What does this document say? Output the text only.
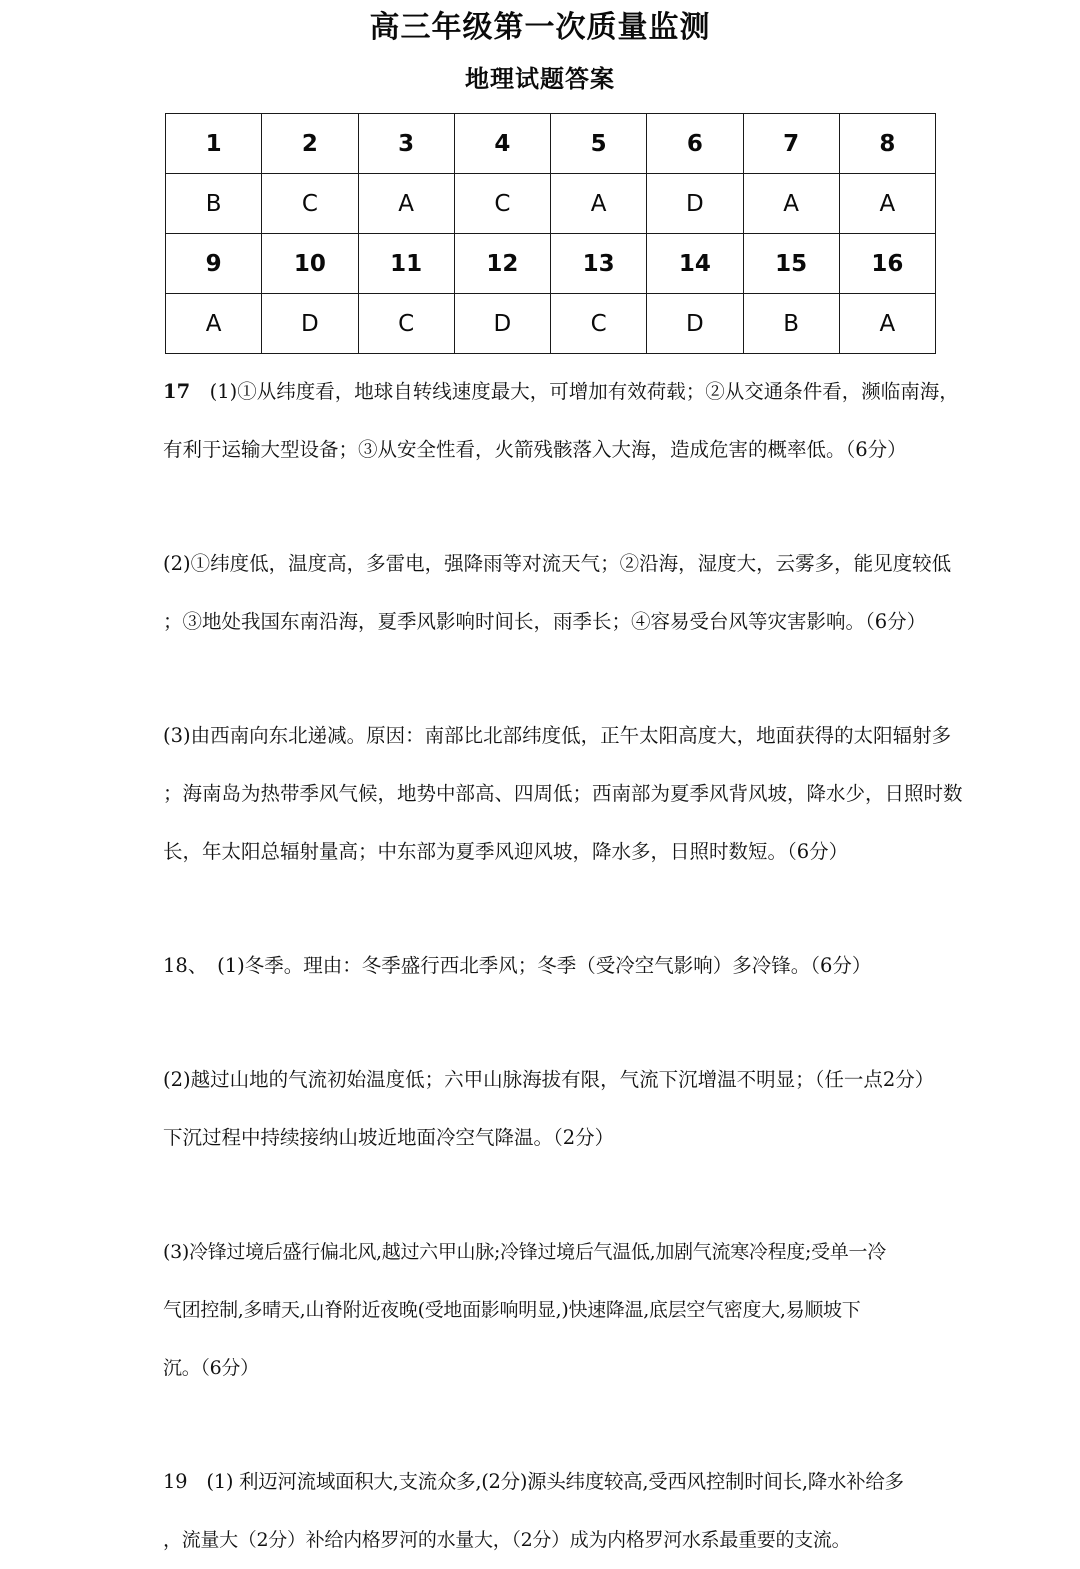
高三年级第一次质量监测
地理试题答案
1	2	3	4	5	6	7	8
B	C	A	C	A	D	A	A
9	10	11	12	13	14	15	16
A	D	C	D	C	D	B	A
17　 (1)①从纬度看，地球自转线速度最大，可增加有效荷载；②从交通条件看，濒临南海，
有利于运输大型设备；③从安全性看，火箭残骸落入大海，造成危害的概率低。（6分）
(2)①纬度低，温度高，多雷电，强降雨等对流天气；②沿海，湿度大，云雾多，能见度较低
；③地处我国东南沿海，夏季风影响时间长，雨季长；④容易受台风等灾害影响。（6分）
(3)由西南向东北递减。原因：南部比北部纬度低，正午太阳高度大，地面获得的太阳辐射多
；海南岛为热带季风气候，地势中部高、四周低；西南部为夏季风背风坡，降水少，日照时数
长，年太阳总辐射量高；中东部为夏季风迎风坡，降水多，日照时数短。（6分）
18、　 (1)冬季。理由：冬季盛行西北季风；冬季（受冷空气影响）多冷锋。（6分）
(2)越过山地的气流初始温度低；六甲山脉海拔有限，气流下沉增温不明显；（任一点2分）
下沉过程中持续接纳山坡近地面冷空气降温。（2分）
(3)冷锋过境后盛行偏北风,越过六甲山脉;冷锋过境后气温低,加剧气流寒冷程度;受单一冷
气团控制,多晴天,山脊附近夜晚(受地面影响明显,)快速降温,底层空气密度大,易顺坡下
沉。（6分）
19　 (1) 利迈河流域面积大,支流众多,(2分)源头纬度较高,受西风控制时间长,降水补给多
，流量大（2分）补给内格罗河的水量大，（2分）成为内格罗河水系最重要的支流。
